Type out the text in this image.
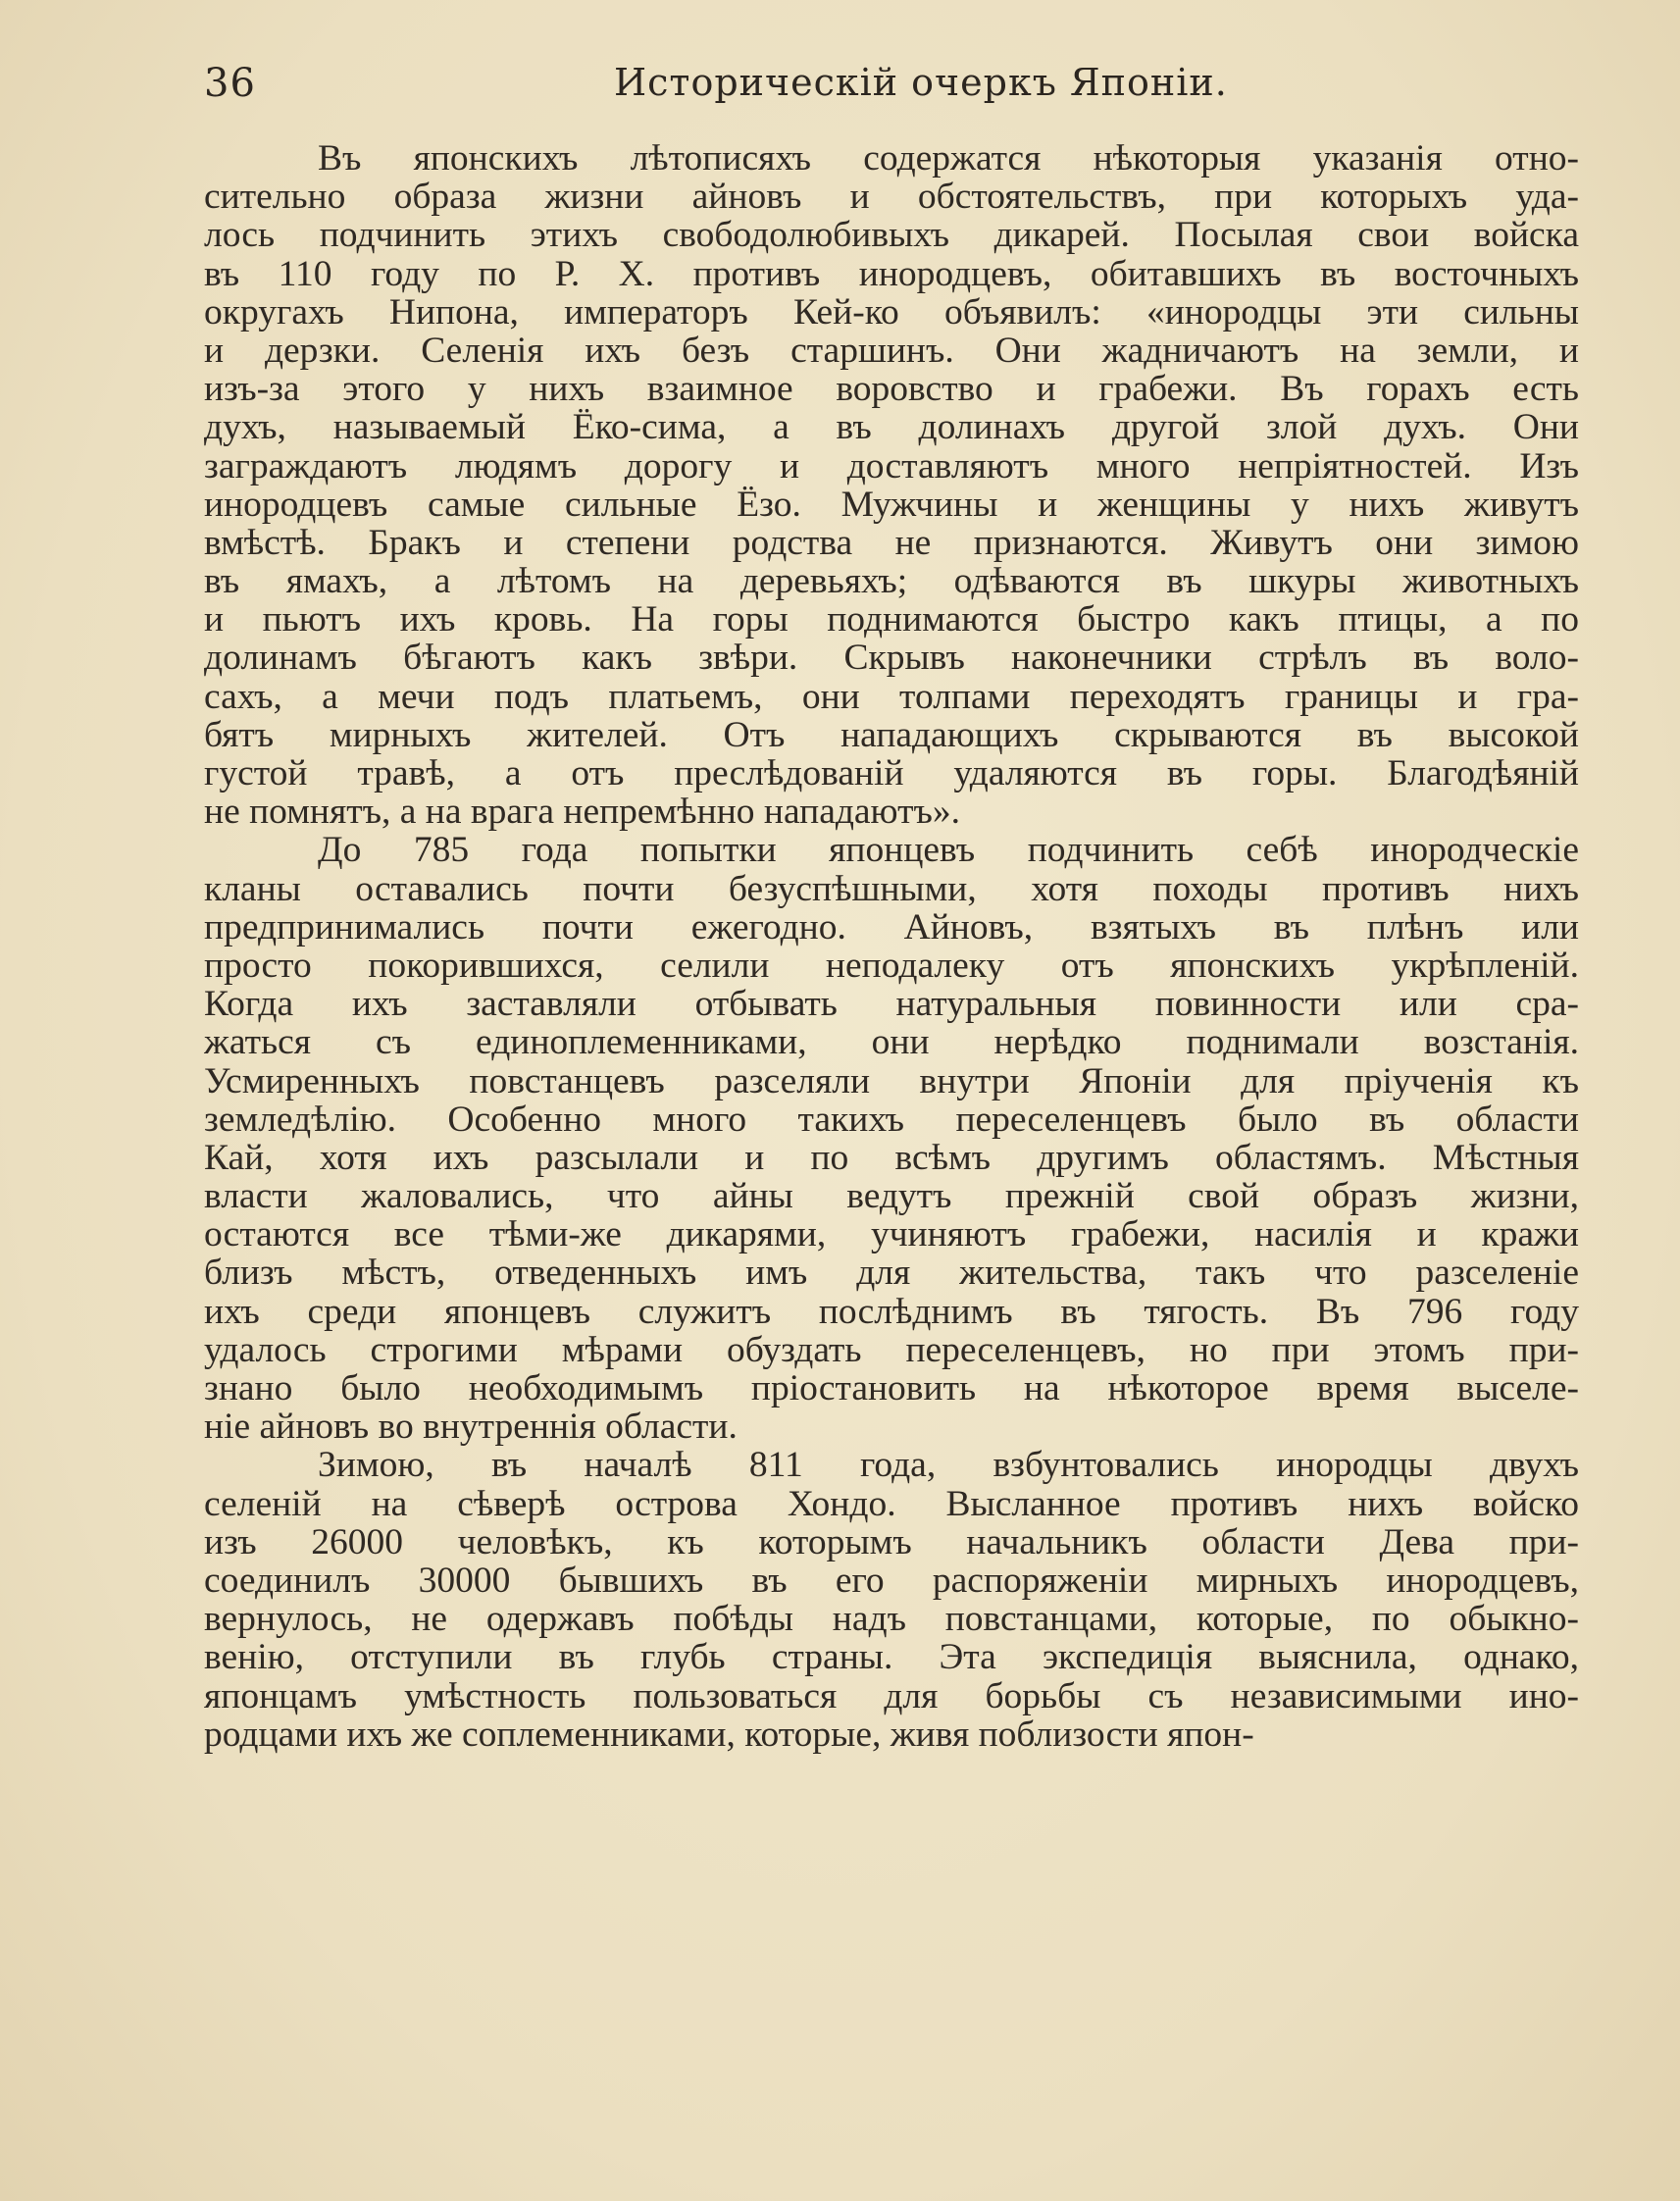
36	Историческій очеркъ Японіи.
Въ японскихъ лѣтописяхъ содержатся нѣкоторыя указанія отно-
сительно образа жизни айновъ и обстоятельствъ, при которыхъ уда-
лось подчинить этихъ свободолюбивыхъ дикарей. Посылая свои войска
въ 110 году по Р. Х. противъ инородцевъ, обитавшихъ въ восточныхъ
округахъ Нипона, императоръ Кей-ко объявилъ: «инородцы эти сильны
и дерзки. Селенія ихъ безъ старшинъ. Они жадничаютъ на земли, и
изъ-за этого у нихъ взаимное воровство и грабежи. Въ горахъ есть
духъ, называемый Ёко-сима, а въ долинахъ другой злой духъ. Они
заграждаютъ людямъ дорогу и доставляютъ много непріятностей. Изъ
инородцевъ самые сильные Ёзо. Мужчины и женщины у нихъ живутъ
вмѣстѣ. Бракъ и степени родства не признаются. Живутъ они зимою
въ ямахъ, а лѣтомъ на деревьяхъ; одѣваются въ шкуры животныхъ
и пьютъ ихъ кровь. На горы поднимаются быстро какъ птицы, а по
долинамъ бѣгаютъ какъ звѣри. Скрывъ наконечники стрѣлъ въ воло-
сахъ, а мечи подъ платьемъ, они толпами переходятъ границы и гра-
бятъ мирныхъ жителей. Отъ нападающихъ скрываются въ высокой
густой травѣ, а отъ преслѣдованій удаляются въ горы. Благодѣяній
не помнятъ, а на врага непремѣнно нападаютъ».
До 785 года попытки японцевъ подчинить себѣ инородческіе
кланы оставались почти безуспѣшными, хотя походы противъ нихъ
предпринимались почти ежегодно. Айновъ, взятыхъ въ плѣнъ или
просто покорившихся, селили неподалеку отъ японскихъ укрѣпленій.
Когда ихъ заставляли отбывать натуральныя повинности или сра-
жаться съ единоплеменниками, они нерѣдко поднимали возстанія.
Усмиренныхъ повстанцевъ разселяли внутри Японіи для пріученія къ
земледѣлію. Особенно много такихъ переселенцевъ было въ области
Кай, хотя ихъ разсылали и по всѣмъ другимъ областямъ. Мѣстныя
власти жаловались, что айны ведутъ прежній свой образъ жизни,
остаются все тѣми-же дикарями, учиняютъ грабежи, насилія и кражи
близъ мѣстъ, отведенныхъ имъ для жительства, такъ что разселеніе
ихъ среди японцевъ служитъ послѣднимъ въ тягость. Въ 796 году
удалось строгими мѣрами обуздать переселенцевъ, но при этомъ при-
знано было необходимымъ пріостановить на нѣкоторое время выселе-
ніе айновъ во внутреннія области.
Зимою, въ началѣ 811 года, взбунтовались инородцы двухъ
селеній на сѣверѣ острова Хондо. Высланное противъ нихъ войско
изъ 26000 человѣкъ, къ которымъ начальникъ области Дева при-
соединилъ 30000 бывшихъ въ его распоряженіи мирныхъ инородцевъ,
вернулось, не одержавъ побѣды надъ повстанцами, которые, по обыкно-
венію, отступили въ глубь страны. Эта экспедиція выяснила, однако,
японцамъ умѣстность пользоваться для борьбы съ независимыми ино-
родцами ихъ же соплеменниками, которые, живя поблизости япон-
